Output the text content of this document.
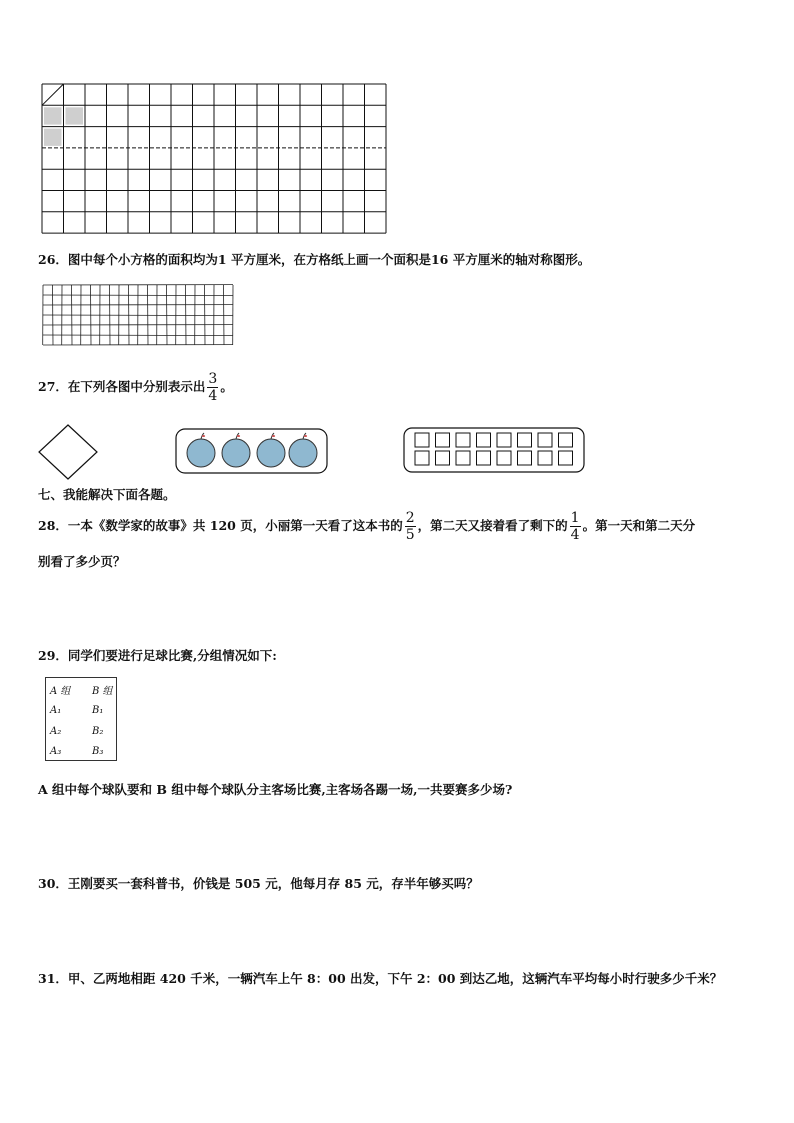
26．图中每个小方格的面积均为1 平方厘米，在方格纸上画一个面积是16 平方厘米的轴对称图形。
27．在下列各图中分别表示出 $\frac{3}{4}$ 。
七、我能解决下面各题。
28．一本《数学家的故事》共 120 页，小丽第一天看了这本书的 $\frac{2}{5}$ ，第二天又接着看了剩下的 $\frac{1}{4}$ 。第一天和第二天分
别看了多少页？
29．同学们要进行足球比赛,分组情况如下:
A 组 B 组
A₁	B₁
A₂	B₂
A₃	B₃
A 组中每个球队要和 B 组中每个球队分主客场比赛,主客场各踢一场,一共要赛多少场?
30．王刚要买一套科普书，价钱是 505 元，他每月存 85 元，存半年够买吗？
31．甲、乙两地相距 420 千米，一辆汽车上午 8：00 出发，下午 2：00 到达乙地，这辆汽车平均每小时行驶多少千米？
